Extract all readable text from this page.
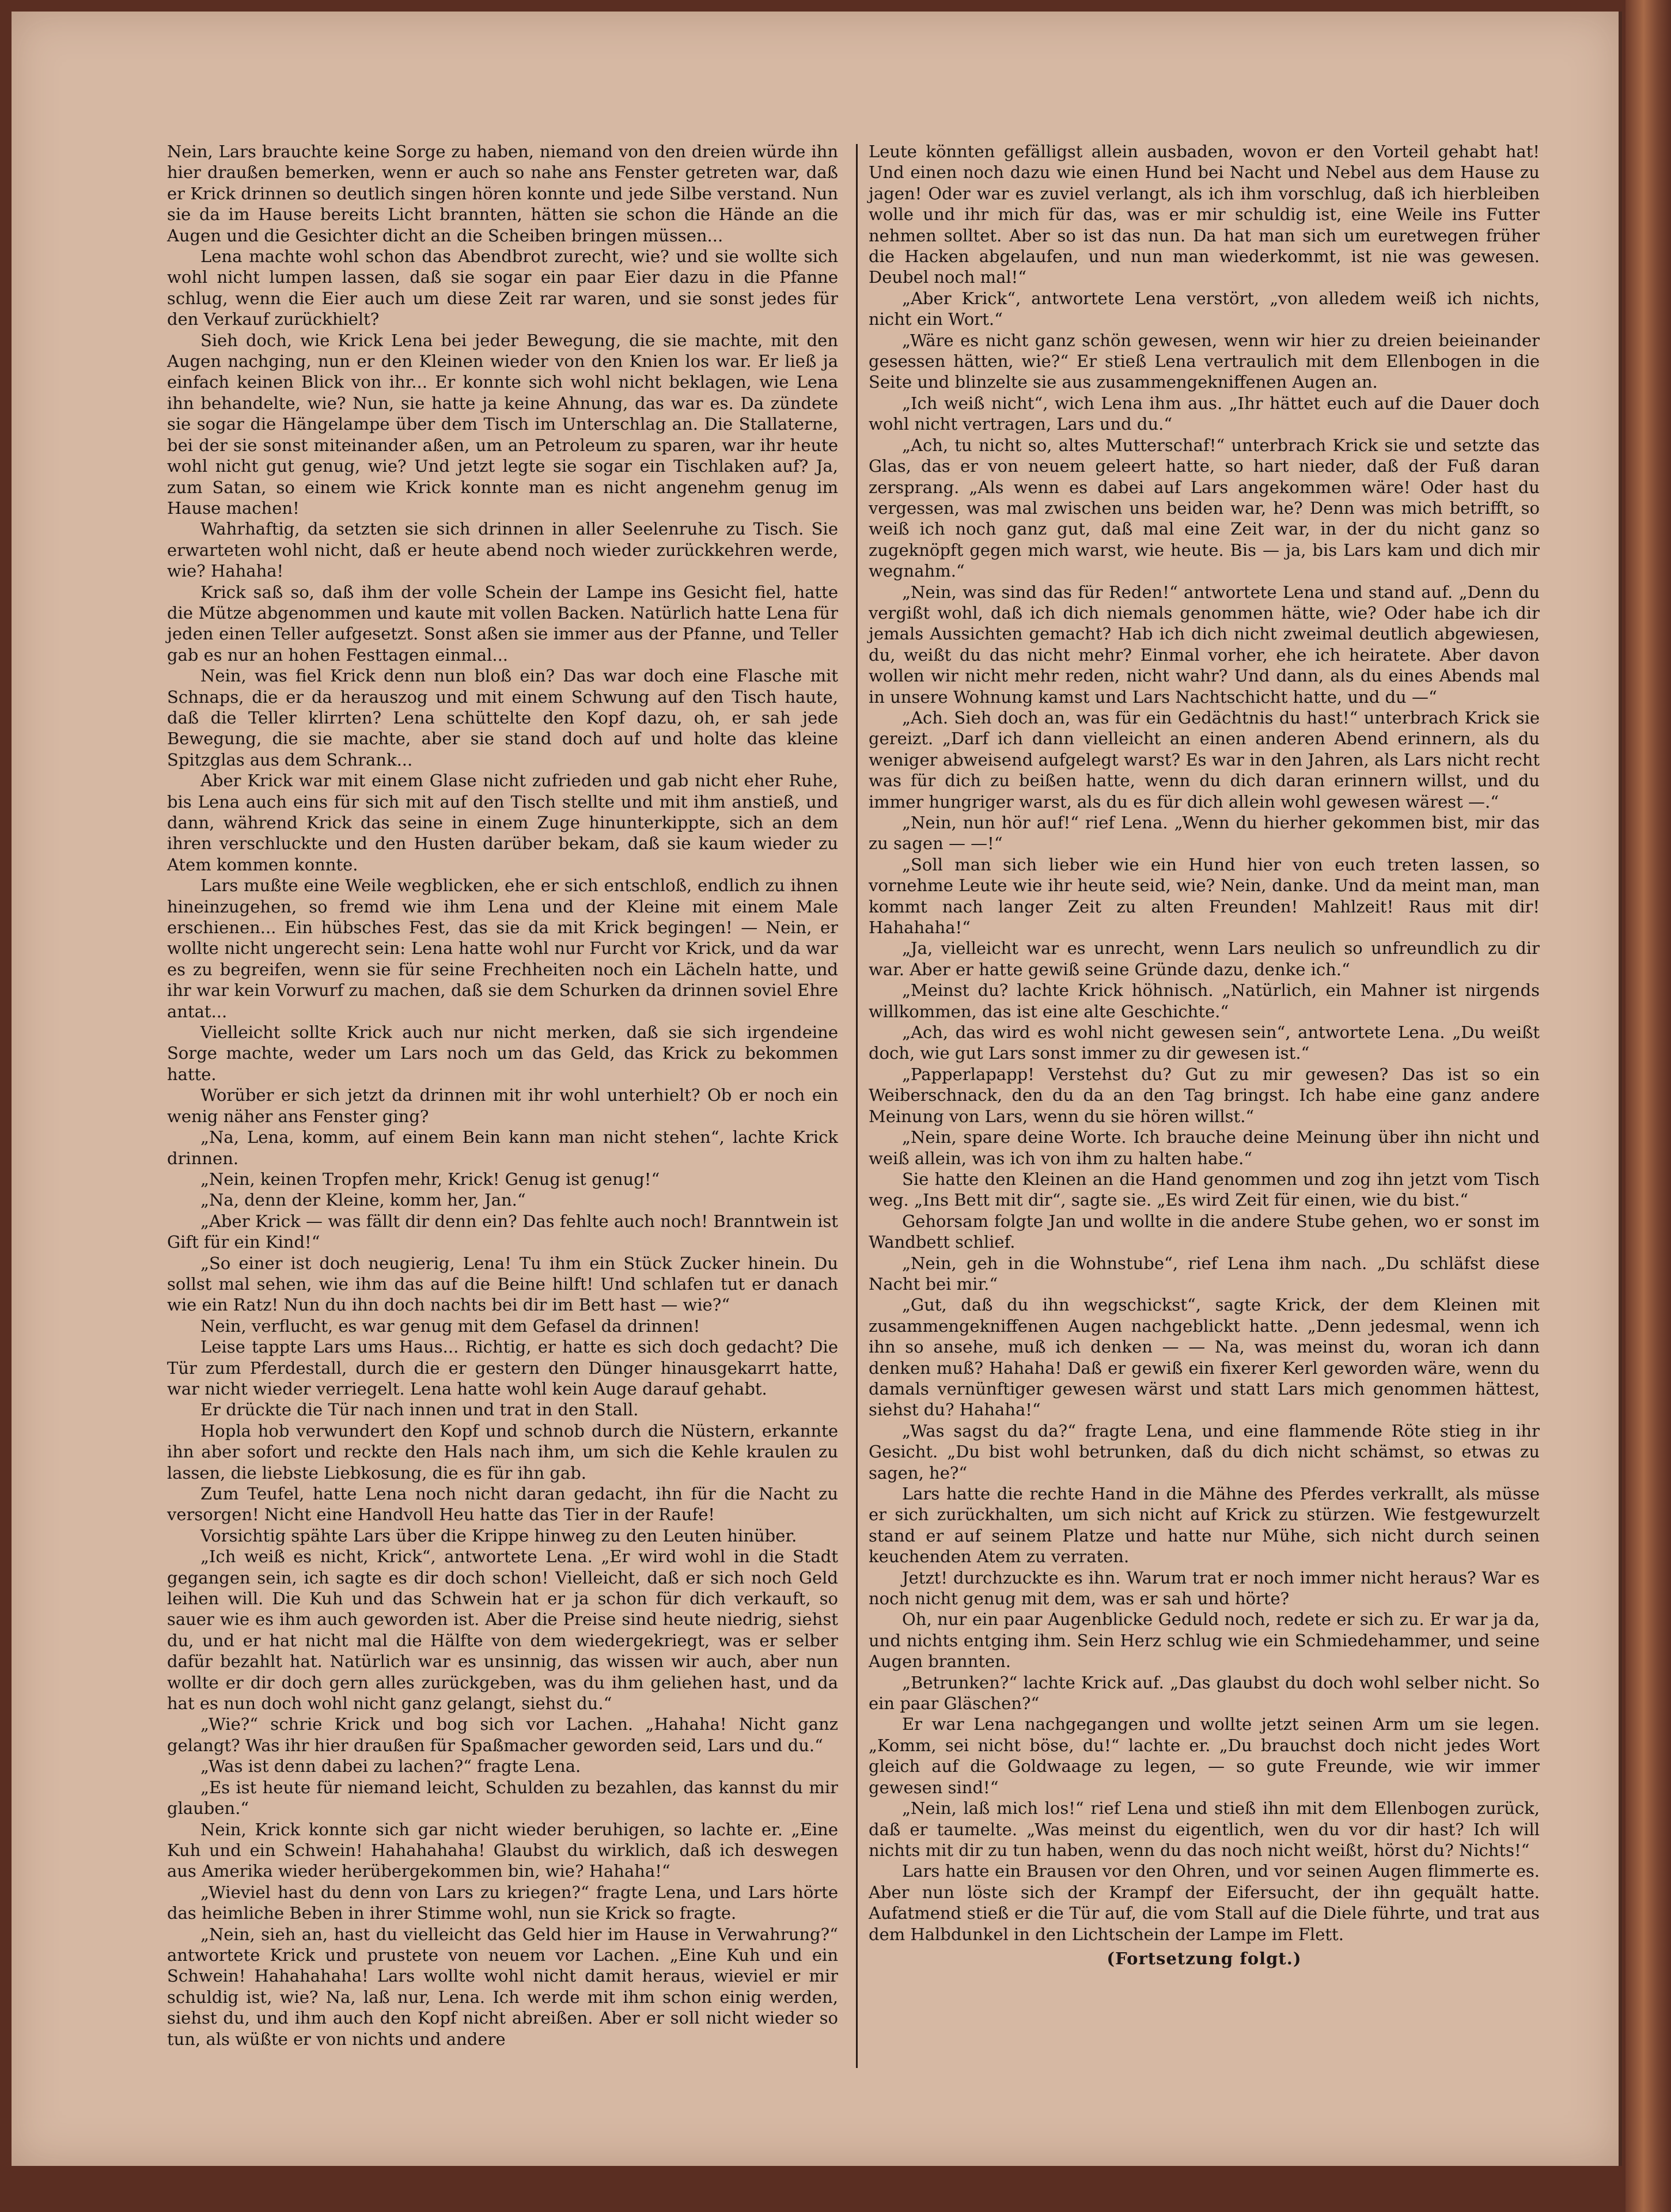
Nein, Lars brauchte keine Sorge zu haben, niemand von den dreien würde ihn hier draußen bemerken, wenn er auch so nahe ans Fenster getreten war, daß er Krick drinnen so deutlich singen hören konnte und jede Silbe verstand. Nun sie da im Hause bereits Licht brannten, hätten sie schon die Hände an die Augen und die Gesichter dicht an die Scheiben bringen müssen...

Lena machte wohl schon das Abendbrot zurecht, wie? und sie wollte sich wohl nicht lumpen lassen, daß sie sogar ein paar Eier dazu in die Pfanne schlug, wenn die Eier auch um diese Zeit rar waren, und sie sonst jedes für den Verkauf zurückhielt?

Sieh doch, wie Krick Lena bei jeder Bewegung, die sie machte, mit den Augen nachging, nun er den Kleinen wieder von den Knien los war. Er ließ ja einfach keinen Blick von ihr... Er konnte sich wohl nicht beklagen, wie Lena ihn behandelte, wie? Nun, sie hatte ja keine Ahnung, das war es. Da zündete sie sogar die Hängelampe über dem Tisch im Unterschlag an. Die Stallaterne, bei der sie sonst miteinander aßen, um an Petroleum zu sparen, war ihr heute wohl nicht gut genug, wie? Und jetzt legte sie sogar ein Tischlaken auf? Ja, zum Satan, so einem wie Krick konnte man es nicht angenehm genug im Hause machen!

Wahrhaftig, da setzten sie sich drinnen in aller Seelenruhe zu Tisch. Sie erwarteten wohl nicht, daß er heute abend noch wieder zurückkehren werde, wie? Hahaha!

Krick saß so, daß ihm der volle Schein der Lampe ins Gesicht fiel, hatte die Mütze abgenommen und kaute mit vollen Backen. Natürlich hatte Lena für jeden einen Teller aufgesetzt. Sonst aßen sie immer aus der Pfanne, und Teller gab es nur an hohen Festtagen einmal...

Nein, was fiel Krick denn nun bloß ein? Das war doch eine Flasche mit Schnaps, die er da herauszog und mit einem Schwung auf den Tisch haute, daß die Teller klirrten? Lena schüttelte den Kopf dazu, oh, er sah jede Bewegung, die sie machte, aber sie stand doch auf und holte das kleine Spitzglas aus dem Schrank...

Aber Krick war mit einem Glase nicht zufrieden und gab nicht eher Ruhe, bis Lena auch eins für sich mit auf den Tisch stellte und mit ihm anstieß, und dann, während Krick das seine in einem Zuge hinunterkippte, sich an dem ihren verschluckte und den Husten darüber bekam, daß sie kaum wieder zu Atem kommen konnte.

Lars mußte eine Weile wegblicken, ehe er sich entschloß, endlich zu ihnen hineinzugehen, so fremd wie ihm Lena und der Kleine mit einem Male erschienen... Ein hübsches Fest, das sie da mit Krick begingen! — Nein, er wollte nicht ungerecht sein: Lena hatte wohl nur Furcht vor Krick, und da war es zu begreifen, wenn sie für seine Frechheiten noch ein Lächeln hatte, und ihr war kein Vorwurf zu machen, daß sie dem Schurken da drinnen soviel Ehre antat...

Vielleicht sollte Krick auch nur nicht merken, daß sie sich irgendeine Sorge machte, weder um Lars noch um das Geld, das Krick zu bekommen hatte.

Worüber er sich jetzt da drinnen mit ihr wohl unterhielt? Ob er noch ein wenig näher ans Fenster ging?

„Na, Lena, komm, auf einem Bein kann man nicht stehen“, lachte Krick drinnen.

„Nein, keinen Tropfen mehr, Krick! Genug ist genug!“

„Na, denn der Kleine, komm her, Jan.“

„Aber Krick — was fällt dir denn ein? Das fehlte auch noch! Branntwein ist Gift für ein Kind!“

„So einer ist doch neugierig, Lena! Tu ihm ein Stück Zucker hinein. Du sollst mal sehen, wie ihm das auf die Beine hilft! Und schlafen tut er danach wie ein Ratz! Nun du ihn doch nachts bei dir im Bett hast — wie?“

Nein, verflucht, es war genug mit dem Gefasel da drinnen!

Leise tappte Lars ums Haus... Richtig, er hatte es sich doch gedacht? Die Tür zum Pferdestall, durch die er gestern den Dünger hinausgekarrt hatte, war nicht wieder verriegelt. Lena hatte wohl kein Auge darauf gehabt.

Er drückte die Tür nach innen und trat in den Stall.

Hopla hob verwundert den Kopf und schnob durch die Nüstern, erkannte ihn aber sofort und reckte den Hals nach ihm, um sich die Kehle kraulen zu lassen, die liebste Liebkosung, die es für ihn gab.

Zum Teufel, hatte Lena noch nicht daran gedacht, ihn für die Nacht zu versorgen! Nicht eine Handvoll Heu hatte das Tier in der Raufe!

Vorsichtig spähte Lars über die Krippe hinweg zu den Leuten hinüber.

„Ich weiß es nicht, Krick“, antwortete Lena. „Er wird wohl in die Stadt gegangen sein, ich sagte es dir doch schon! Vielleicht, daß er sich noch Geld leihen will. Die Kuh und das Schwein hat er ja schon für dich verkauft, so sauer wie es ihm auch geworden ist. Aber die Preise sind heute niedrig, siehst du, und er hat nicht mal die Hälfte von dem wiedergekriegt, was er selber dafür bezahlt hat. Natürlich war es unsinnig, das wissen wir auch, aber nun wollte er dir doch gern alles zurückgeben, was du ihm geliehen hast, und da hat es nun doch wohl nicht ganz gelangt, siehst du.“

„Wie?“ schrie Krick und bog sich vor Lachen. „Hahaha! Nicht ganz gelangt? Was ihr hier draußen für Spaßmacher geworden seid, Lars und du.“

„Was ist denn dabei zu lachen?“ fragte Lena.

„Es ist heute für niemand leicht, Schulden zu bezahlen, das kannst du mir glauben.“

Nein, Krick konnte sich gar nicht wieder beruhigen, so lachte er. „Eine Kuh und ein Schwein! Hahahahaha! Glaubst du wirklich, daß ich deswegen aus Amerika wieder herübergekommen bin, wie? Hahaha!“

„Wieviel hast du denn von Lars zu kriegen?“ fragte Lena, und Lars hörte das heimliche Beben in ihrer Stimme wohl, nun sie Krick so fragte.

„Nein, sieh an, hast du vielleicht das Geld hier im Hause in Verwahrung?“ antwortete Krick und prustete von neuem vor Lachen. „Eine Kuh und ein Schwein! Hahahahaha! Lars wollte wohl nicht damit heraus, wieviel er mir schuldig ist, wie? Na, laß nur, Lena. Ich werde mit ihm schon einig werden, siehst du, und ihm auch den Kopf nicht abreißen. Aber er soll nicht wieder so tun, als wüßte er von nichts und andere

Leute könnten gefälligst allein ausbaden, wovon er den Vorteil gehabt hat! Und einen noch dazu wie einen Hund bei Nacht und Nebel aus dem Hause zu jagen! Oder war es zuviel verlangt, als ich ihm vorschlug, daß ich hierbleiben wolle und ihr mich für das, was er mir schuldig ist, eine Weile ins Futter nehmen solltet. Aber so ist das nun. Da hat man sich um euretwegen früher die Hacken abgelaufen, und nun man wiederkommt, ist nie was gewesen. Deubel noch mal!“

„Aber Krick“, antwortete Lena verstört, „von alledem weiß ich nichts, nicht ein Wort.“

„Wäre es nicht ganz schön gewesen, wenn wir hier zu dreien beieinander gesessen hätten, wie?“ Er stieß Lena vertraulich mit dem Ellenbogen in die Seite und blinzelte sie aus zusammengekniffenen Augen an.

„Ich weiß nicht“, wich Lena ihm aus. „Ihr hättet euch auf die Dauer doch wohl nicht vertragen, Lars und du.“

„Ach, tu nicht so, altes Mutterschaf!“ unterbrach Krick sie und setzte das Glas, das er von neuem geleert hatte, so hart nieder, daß der Fuß daran zersprang. „Als wenn es dabei auf Lars angekommen wäre! Oder hast du vergessen, was mal zwischen uns beiden war, he? Denn was mich betrifft, so weiß ich noch ganz gut, daß mal eine Zeit war, in der du nicht ganz so zugeknöpft gegen mich warst, wie heute. Bis — ja, bis Lars kam und dich mir wegnahm.“

„Nein, was sind das für Reden!“ antwortete Lena und stand auf. „Denn du vergißt wohl, daß ich dich niemals genommen hätte, wie? Oder habe ich dir jemals Aussichten gemacht? Hab ich dich nicht zweimal deutlich abgewiesen, du, weißt du das nicht mehr? Einmal vorher, ehe ich heiratete. Aber davon wollen wir nicht mehr reden, nicht wahr? Und dann, als du eines Abends mal in unsere Wohnung kamst und Lars Nachtschicht hatte, und du —“

„Ach. Sieh doch an, was für ein Gedächtnis du hast!“ unterbrach Krick sie gereizt. „Darf ich dann vielleicht an einen anderen Abend erinnern, als du weniger abweisend aufgelegt warst? Es war in den Jahren, als Lars nicht recht was für dich zu beißen hatte, wenn du dich daran erinnern willst, und du immer hungriger warst, als du es für dich allein wohl gewesen wärest —.“

„Nein, nun hör auf!“ rief Lena. „Wenn du hierher gekommen bist, mir das zu sagen — —!“

„Soll man sich lieber wie ein Hund hier von euch treten lassen, so vornehme Leute wie ihr heute seid, wie? Nein, danke. Und da meint man, man kommt nach langer Zeit zu alten Freunden! Mahlzeit! Raus mit dir! Hahahaha!“

„Ja, vielleicht war es unrecht, wenn Lars neulich so unfreundlich zu dir war. Aber er hatte gewiß seine Gründe dazu, denke ich.“

„Meinst du? lachte Krick höhnisch. „Natürlich, ein Mahner ist nirgends willkommen, das ist eine alte Geschichte.“

„Ach, das wird es wohl nicht gewesen sein“, antwortete Lena. „Du weißt doch, wie gut Lars sonst immer zu dir gewesen ist.“

„Papperlapapp! Verstehst du? Gut zu mir gewesen? Das ist so ein Weiberschnack, den du da an den Tag bringst. Ich habe eine ganz andere Meinung von Lars, wenn du sie hören willst.“

„Nein, spare deine Worte. Ich brauche deine Meinung über ihn nicht und weiß allein, was ich von ihm zu halten habe.“

Sie hatte den Kleinen an die Hand genommen und zog ihn jetzt vom Tisch weg. „Ins Bett mit dir“, sagte sie. „Es wird Zeit für einen, wie du bist.“

Gehorsam folgte Jan und wollte in die andere Stube gehen, wo er sonst im Wandbett schlief.

„Nein, geh in die Wohnstube“, rief Lena ihm nach. „Du schläfst diese Nacht bei mir.“

„Gut, daß du ihn wegschickst“, sagte Krick, der dem Kleinen mit zusammengekniffenen Augen nachgeblickt hatte. „Denn jedesmal, wenn ich ihn so ansehe, muß ich denken — — Na, was meinst du, woran ich dann denken muß? Hahaha! Daß er gewiß ein fixerer Kerl geworden wäre, wenn du damals vernünftiger gewesen wärst und statt Lars mich genommen hättest, siehst du? Hahaha!“

„Was sagst du da?“ fragte Lena, und eine flammende Röte stieg in ihr Gesicht. „Du bist wohl betrunken, daß du dich nicht schämst, so etwas zu sagen, he?“

Lars hatte die rechte Hand in die Mähne des Pferdes verkrallt, als müsse er sich zurückhalten, um sich nicht auf Krick zu stürzen. Wie festgewurzelt stand er auf seinem Platze und hatte nur Mühe, sich nicht durch seinen keuchenden Atem zu verraten.

Jetzt! durchzuckte es ihn. Warum trat er noch immer nicht heraus? War es noch nicht genug mit dem, was er sah und hörte?

Oh, nur ein paar Augenblicke Geduld noch, redete er sich zu. Er war ja da, und nichts entging ihm. Sein Herz schlug wie ein Schmiedehammer, und seine Augen brannten.

„Betrunken?“ lachte Krick auf. „Das glaubst du doch wohl selber nicht. So ein paar Gläschen?“

Er war Lena nachgegangen und wollte jetzt seinen Arm um sie legen. „Komm, sei nicht böse, du!“ lachte er. „Du brauchst doch nicht jedes Wort gleich auf die Goldwaage zu legen, — so gute Freunde, wie wir immer gewesen sind!“

„Nein, laß mich los!“ rief Lena und stieß ihn mit dem Ellenbogen zurück, daß er taumelte. „Was meinst du eigentlich, wen du vor dir hast? Ich will nichts mit dir zu tun haben, wenn du das noch nicht weißt, hörst du? Nichts!“

Lars hatte ein Brausen vor den Ohren, und vor seinen Augen flimmerte es. Aber nun löste sich der Krampf der Eifersucht, der ihn gequält hatte. Aufatmend stieß er die Tür auf, die vom Stall auf die Diele führte, und trat aus dem Halbdunkel in den Lichtschein der Lampe im Flett.

(Fortsetzung folgt.)
